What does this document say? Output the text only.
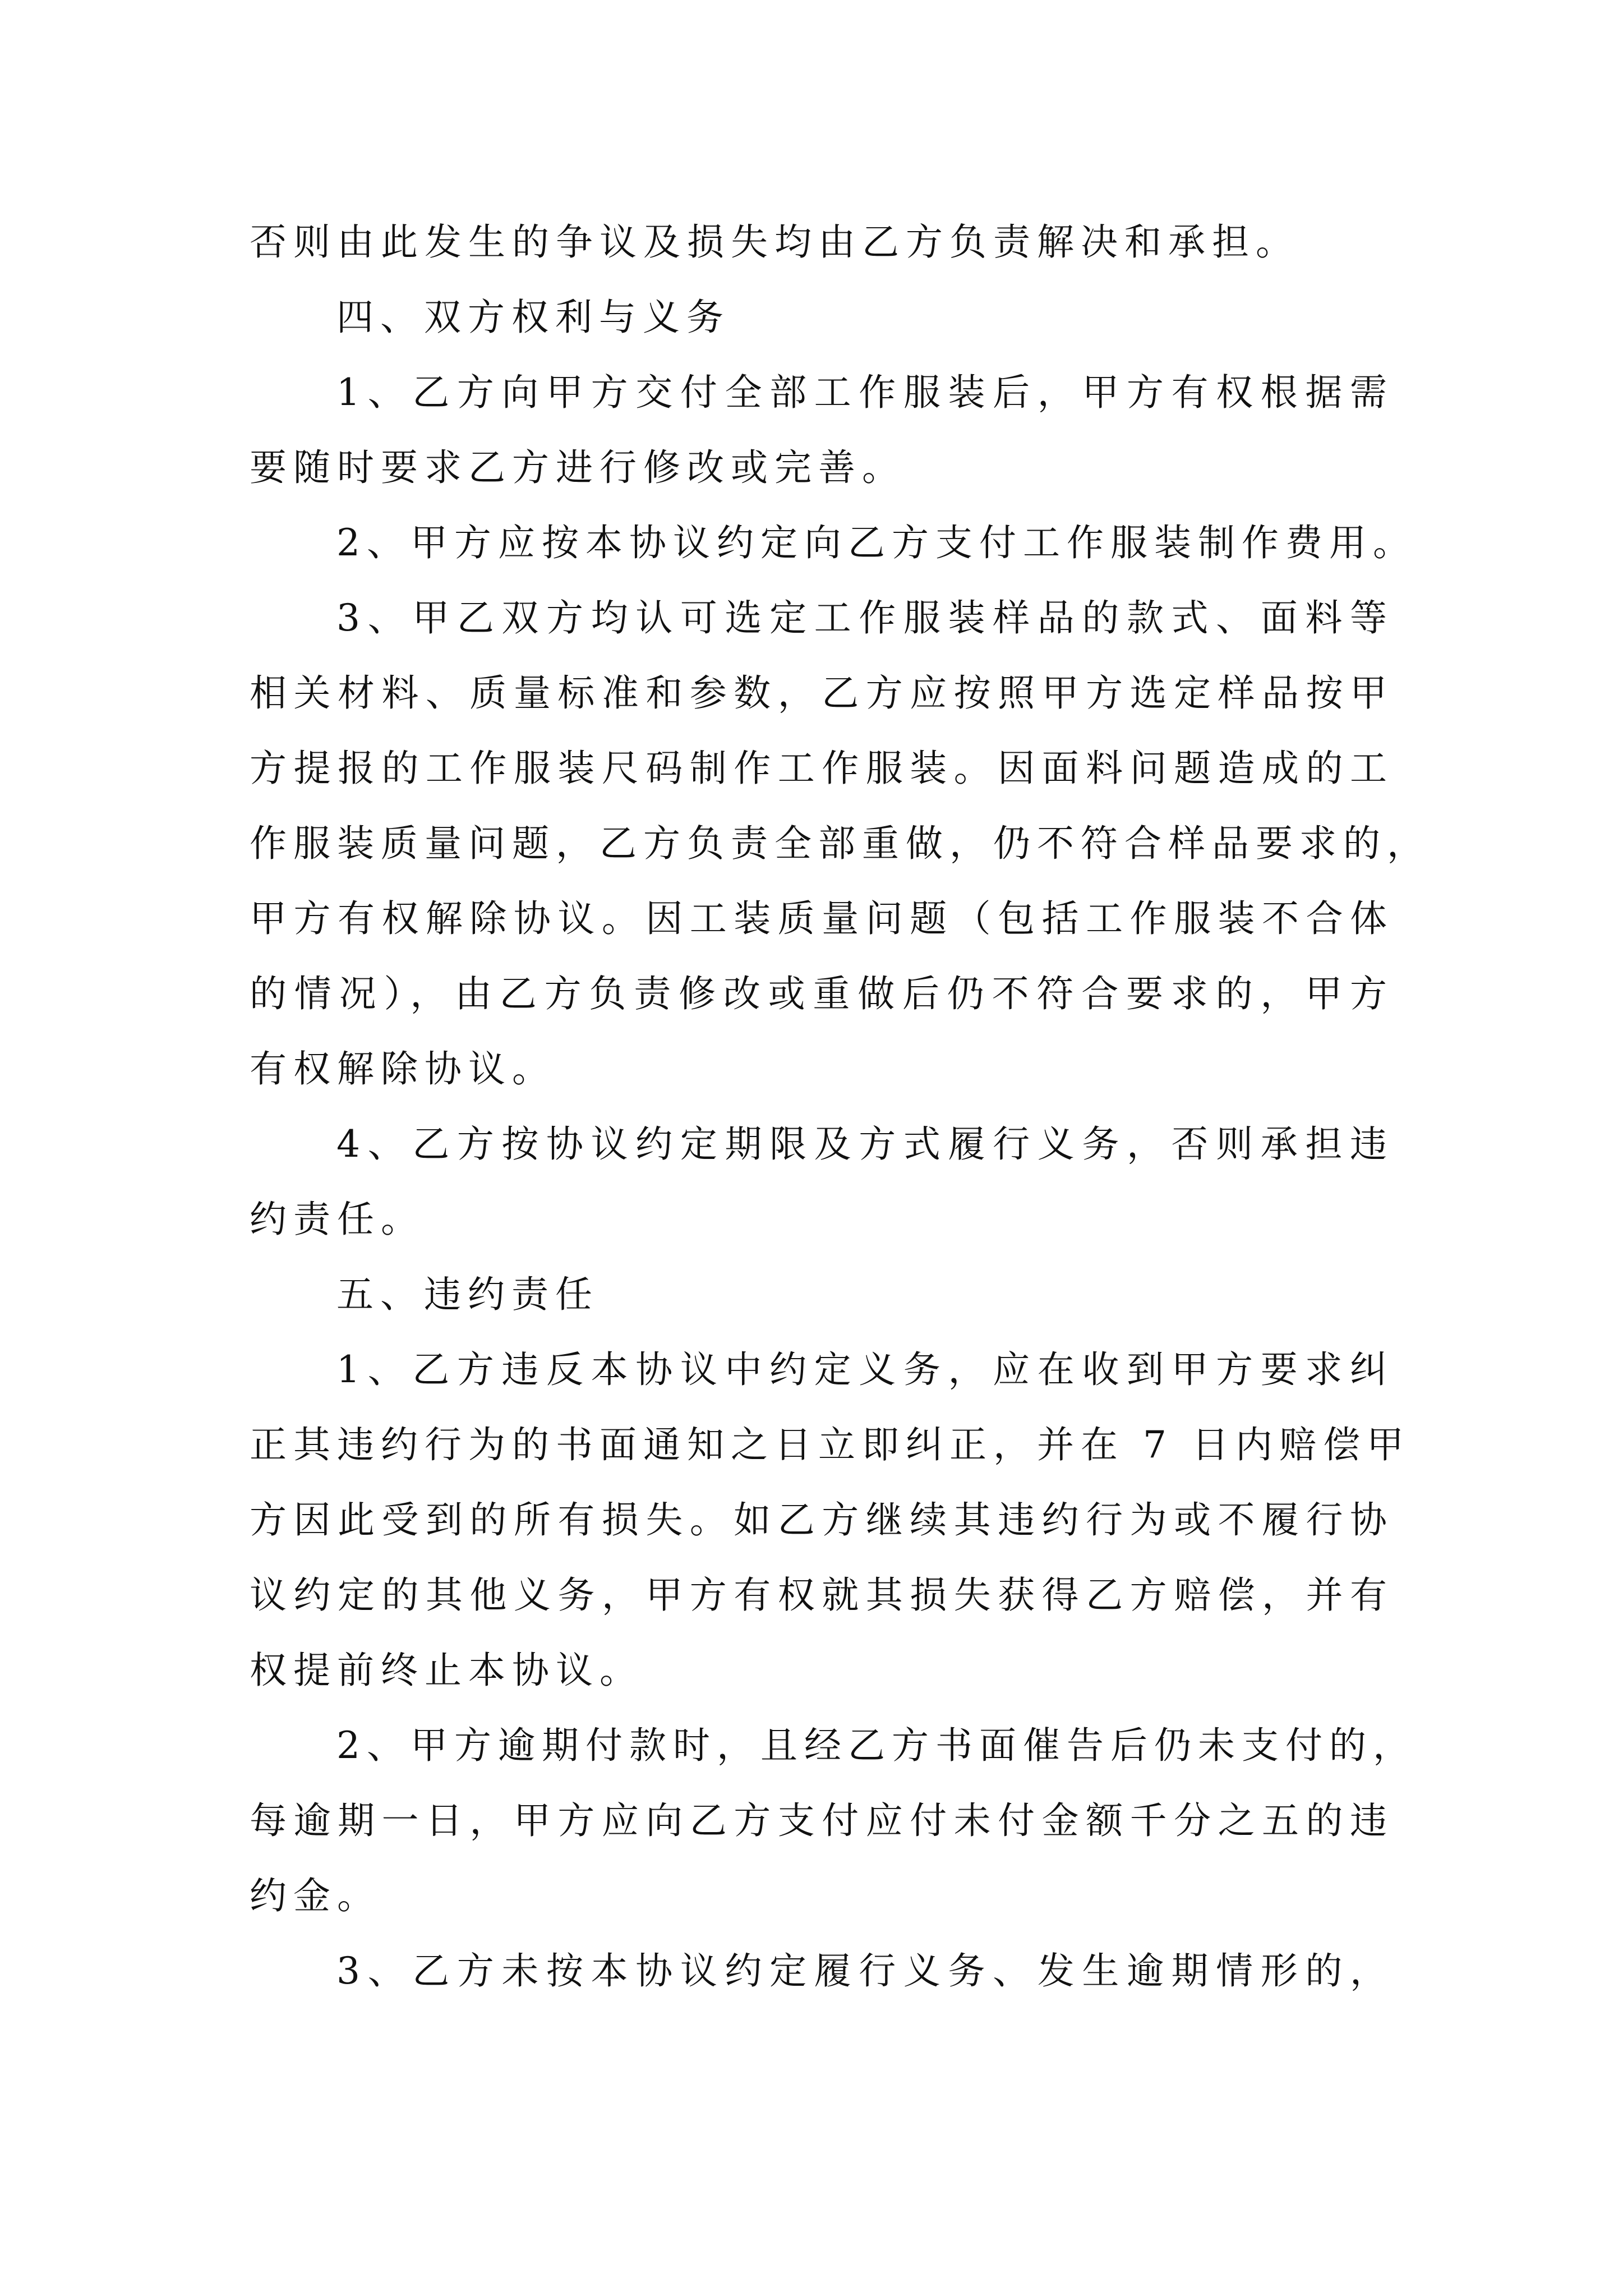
否则由此发生的争议及损失均由乙方负责解决和承担。
四、双方权利与义务
1、乙方向甲方交付全部工作服装后，甲方有权根据需
要随时要求乙方进行修改或完善。
2、甲方应按本协议约定向乙方支付工作服装制作费用。
3、甲乙双方均认可选定工作服装样品的款式、面料等
相关材料、质量标准和参数，乙方应按照甲方选定样品按甲
方提报的工作服装尺码制作工作服装。因面料问题造成的工
作服装质量问题，乙方负责全部重做，仍不符合样品要求的，
甲方有权解除协议。因工装质量问题（包括工作服装不合体
的情况），由乙方负责修改或重做后仍不符合要求的，甲方
有权解除协议。
4、乙方按协议约定期限及方式履行义务，否则承担违
约责任。
五、违约责任
1、乙方违反本协议中约定义务，应在收到甲方要求纠
正其违约行为的书面通知之日立即纠正，并在 7 日内赔偿甲
方因此受到的所有损失。如乙方继续其违约行为或不履行协
议约定的其他义务，甲方有权就其损失获得乙方赔偿，并有
权提前终止本协议。
2、甲方逾期付款时，且经乙方书面催告后仍未支付的，
每逾期一日，甲方应向乙方支付应付未付金额千分之五的违
约金。
3、乙方未按本协议约定履行义务、发生逾期情形的，
